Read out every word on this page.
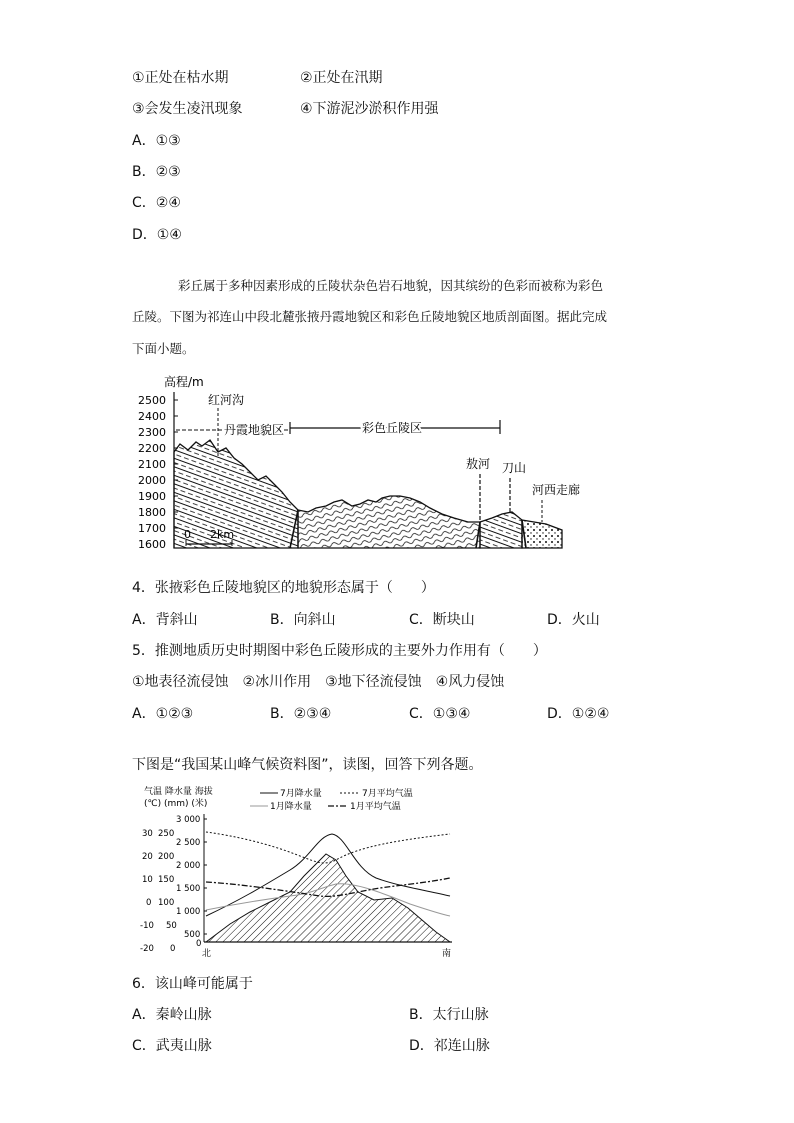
①正处在枯水期	②正处在汛期
③会发生凌汛现象	④下游泥沙淤积作用强
A．①③
B．②③
C．②④
D．①④
彩丘属于多种因素形成的丘陵状杂色岩石地貌，因其缤纷的色彩而被称为彩色
丘陵。下图为祁连山中段北麓张掖丹霞地貌区和彩色丘陵地貌区地质剖面图。据此完成
下面小题。
高程/m
2500
2400
2300
2200
2100
2000
1900
1800
1700
1600
红河沟
丹霞地貌区	彩色丘陵区
敖河 刀山
河西走廊
0 2km
4．张掖彩色丘陵地貌区的地貌形态属于（　　）
A．背斜山	B．向斜山	C．断块山	D．火山
5．推测地质历史时期图中彩色丘陵形成的主要外力作用有（　　）
①地表径流侵蚀　②冰川作用　③地下径流侵蚀　④风力侵蚀
A．①②③	B．②③④	C．①③④	D．①②④
下图是“我国某山峰气候资料图”，读图，回答下列各题。
气温 降水量 海拔
(℃) (mm) (米)
7月降水量	7月平均气温
1月降水量	1月平均气温
3 000
2 500
2 000
1 500
1 000
500
0
250
200
150
100
50
0
30
20
10
0
-10
-20	北	南
6．该山峰可能属于
A．秦岭山脉	B．太行山脉
C．武夷山脉	D．祁连山脉
